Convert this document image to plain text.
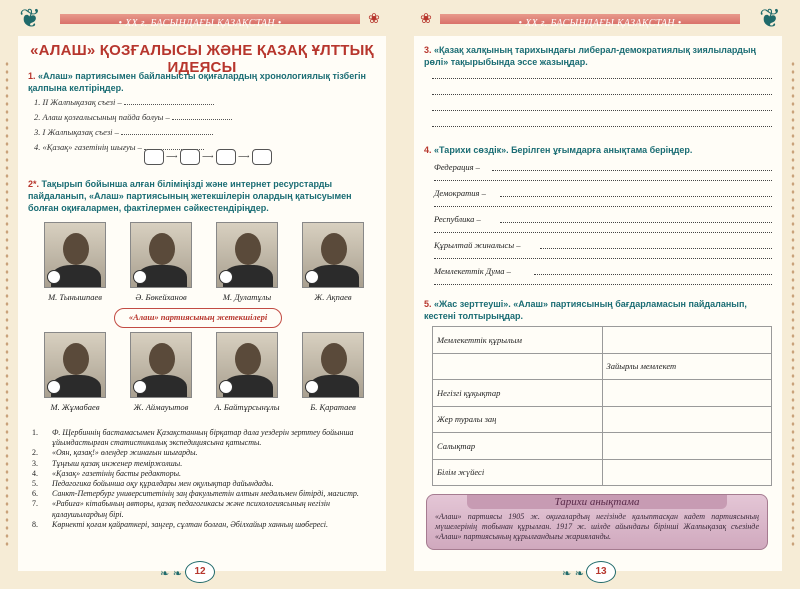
• XX ғ. БАСЫНДАҒЫ ҚАЗАҚСТАН •
❦	❀
«АЛАШ» ҚОЗҒАЛЫСЫ ЖӘНЕ ҚАЗАҚ ҰЛТТЫҚ ИДЕЯСЫ
1. «Алаш» партиясымен байланысты оқиғалардың хронологиялық тізбегін қалпына келтіріңдер.
1. ІІ Жалпықазақ съезі –
2. Алаш қозғалысының пайда болуы –
3. І Жалпықазақ съезі –
4. «Қазақ» газетінің шығуы –
⟶	⟶	⟶
2*. Тақырып бойынша алған біліміңізді және интернет ресурстарды пайдаланып, «Алаш» партиясының жетекшілерін олардың қатысуымен болған оқиғалармен, фактілермен сәйкестендіріңдер.
М. Тынышпаев	Ә. Бөкейханов	М. Дулатұлы	Ж. Ақпаев
«Алаш» партиясының жетекшілері
М. Жұмабаев	Ж. Аймауытов	А. Байтұрсынұлы	Б. Қаратаев
1. Ф. Щербиннің бастамасымен Қазақстанның бірқатар дала уездерін зерттеу бойынша ұйымдастырған статистикалық экспедициясына қатысты.
2. «Оян, қазақ!» өлеңдер жинағын шығарды.
3. Тұңғыш қазақ инженер теміржолшы.
4. «Қазақ» газетінің басты редакторы.
5. Педагогика бойынша оқу құралдары мен оқулықтар дайындады.
6. Санкт-Петербург университетінің заң факультетін алтын медальмен бітірді, магистр.
7. «Рабиға» кітабының авторы, қазақ педагогикасы және психологиясының негізін қалаушылардың бірі.
8. Көрнекті қоғам қайраткері, заңгер, сұлтан болған, Әбілхайыр ханның шөбересі.
❧ ❧	12
• XX ғ. БАСЫНДАҒЫ ҚАЗАҚСТАН •
❀	❦
3. «Қазақ халқының тарихындағы либерал-демократиялық зиялылардың рөлі» тақырыбында эссе жазыңдар.
4. «Тарихи сөздік». Берілген ұғымдарға анықтама беріңдер.
Федерация –
Демократия –
Республика –
Құрылтай жиналысы –
Мемлекеттік Дума –
5. «Жас зерттеуші». «Алаш» партиясының бағдарламасын пайдаланып, кестені толтырыңдар.
Мемлекеттік құрылым	
	Зайырлы мемлекет
Негізгі құқықтар	
Жер туралы заң	
Салықтар	
Білім жүйесі	
Тарихи анықтама
«Алаш» партиясы 1905 ж. оқиғалардың негізінде қалыптасқан кадет партиясының мүшелерінің тобынан құрылған. 1917 ж. шілде айындағы бірінші Жалпықазақ съезінде «Алаш» партиясының құрылғандығы жарияланды.
❧ ❧	13
